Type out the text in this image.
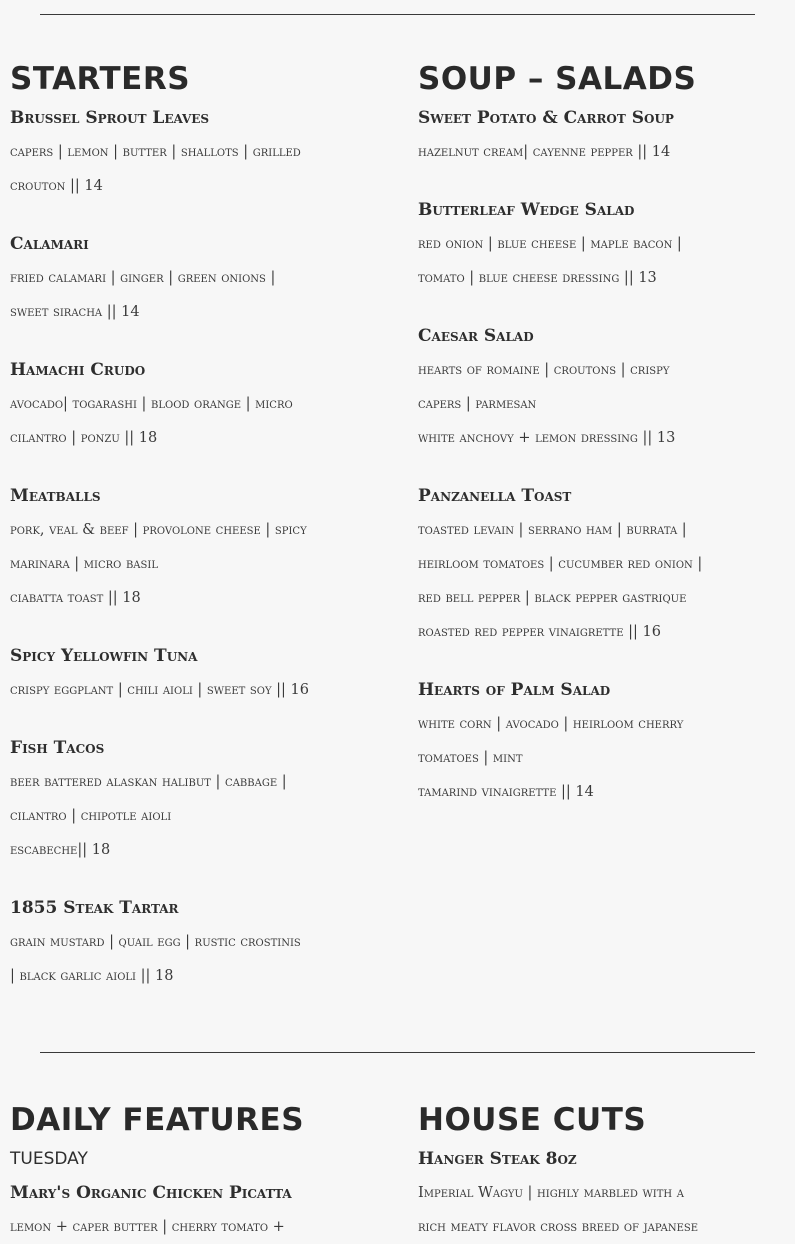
STARTERS
Brussel Sprout Leaves
capers | lemon | butter | shallots | grilled
crouton || 14
Calamari
fried calamari | ginger | green onions |
sweet siracha || 14
Hamachi Crudo
avocado| togarashi | blood orange | micro
cilantro | ponzu || 18
Meatballs
pork, veal & beef | provolone cheese | spicy
marinara | micro basil
ciabatta toast || 18
Spicy Yellowfin Tuna
crispy eggplant | chili aioli | sweet soy || 16
Fish Tacos
beer battered alaskan halibut | cabbage |
cilantro | chipotle aioli
escabeche|| 18
1855 Steak Tartar
grain mustard | quail egg | rustic crostinis
| black garlic aioli || 18
SOUP – SALADS
Sweet Potato & Carrot Soup
hazelnut cream| cayenne pepper || 14
Butterleaf Wedge Salad
red onion | blue cheese | maple bacon |
tomato | blue cheese dressing || 13
Caesar Salad
hearts of romaine | croutons | crispy
capers | parmesan
white anchovy + lemon dressing || 13
Panzanella Toast
toasted levain | serrano ham | burrata |
heirloom tomatoes | cucumber red onion |
red bell pepper | black pepper gastrique
roasted red pepper vinaigrette || 16
Hearts of Palm Salad
white corn | avocado | heirloom cherry
tomatoes | mint
tamarind vinaigrette || 14
DAILY FEATURES
TUESDAY
Mary's Organic Chicken Picatta
lemon + caper butter | cherry tomato +
HOUSE CUTS
Hanger Steak 8oz
Imperial Wagyu | highly marbled with a
rich meaty flavor cross breed of japanese
